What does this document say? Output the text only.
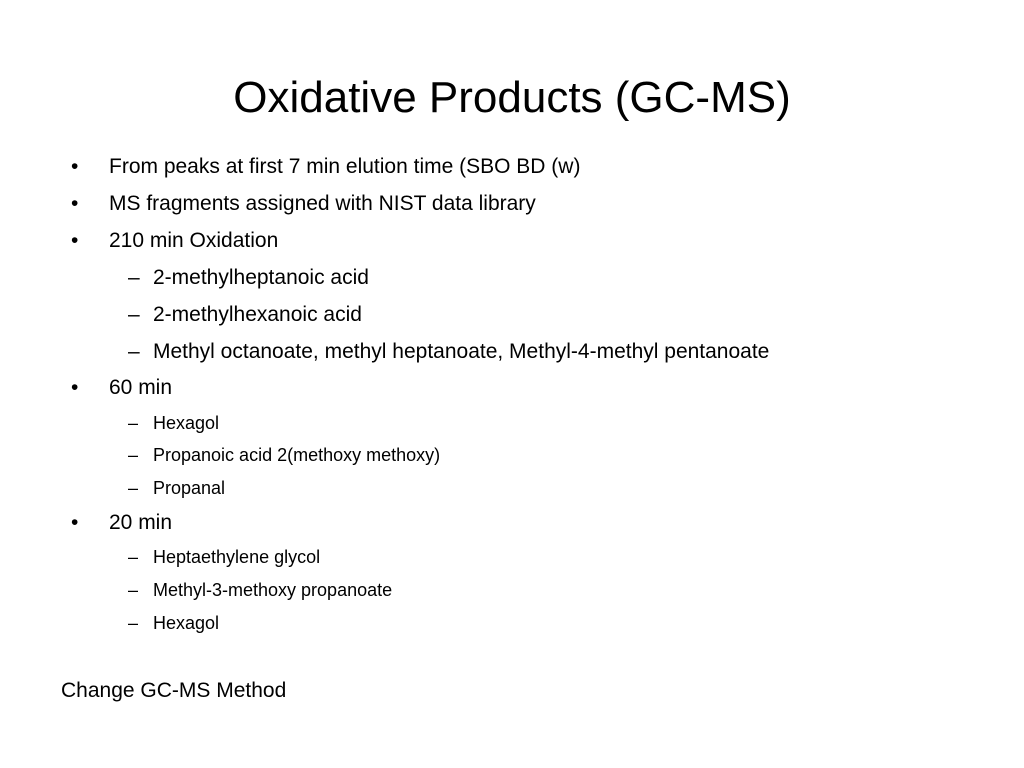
Oxidative Products (GC-MS)
•	From peaks at first 7 min elution time (SBO BD (w)
•	MS fragments assigned with NIST data library
•	210 min Oxidation
– 2-methylheptanoic acid
– 2-methylhexanoic acid
– Methyl octanoate, methyl heptanoate, Methyl-4-methyl pentanoate
•	60 min
– Hexagol
– Propanoic acid 2(methoxy methoxy)
– Propanal
•	20 min
– Heptaethylene glycol
– Methyl-3-methoxy propanoate
– Hexagol
Change GC-MS Method
